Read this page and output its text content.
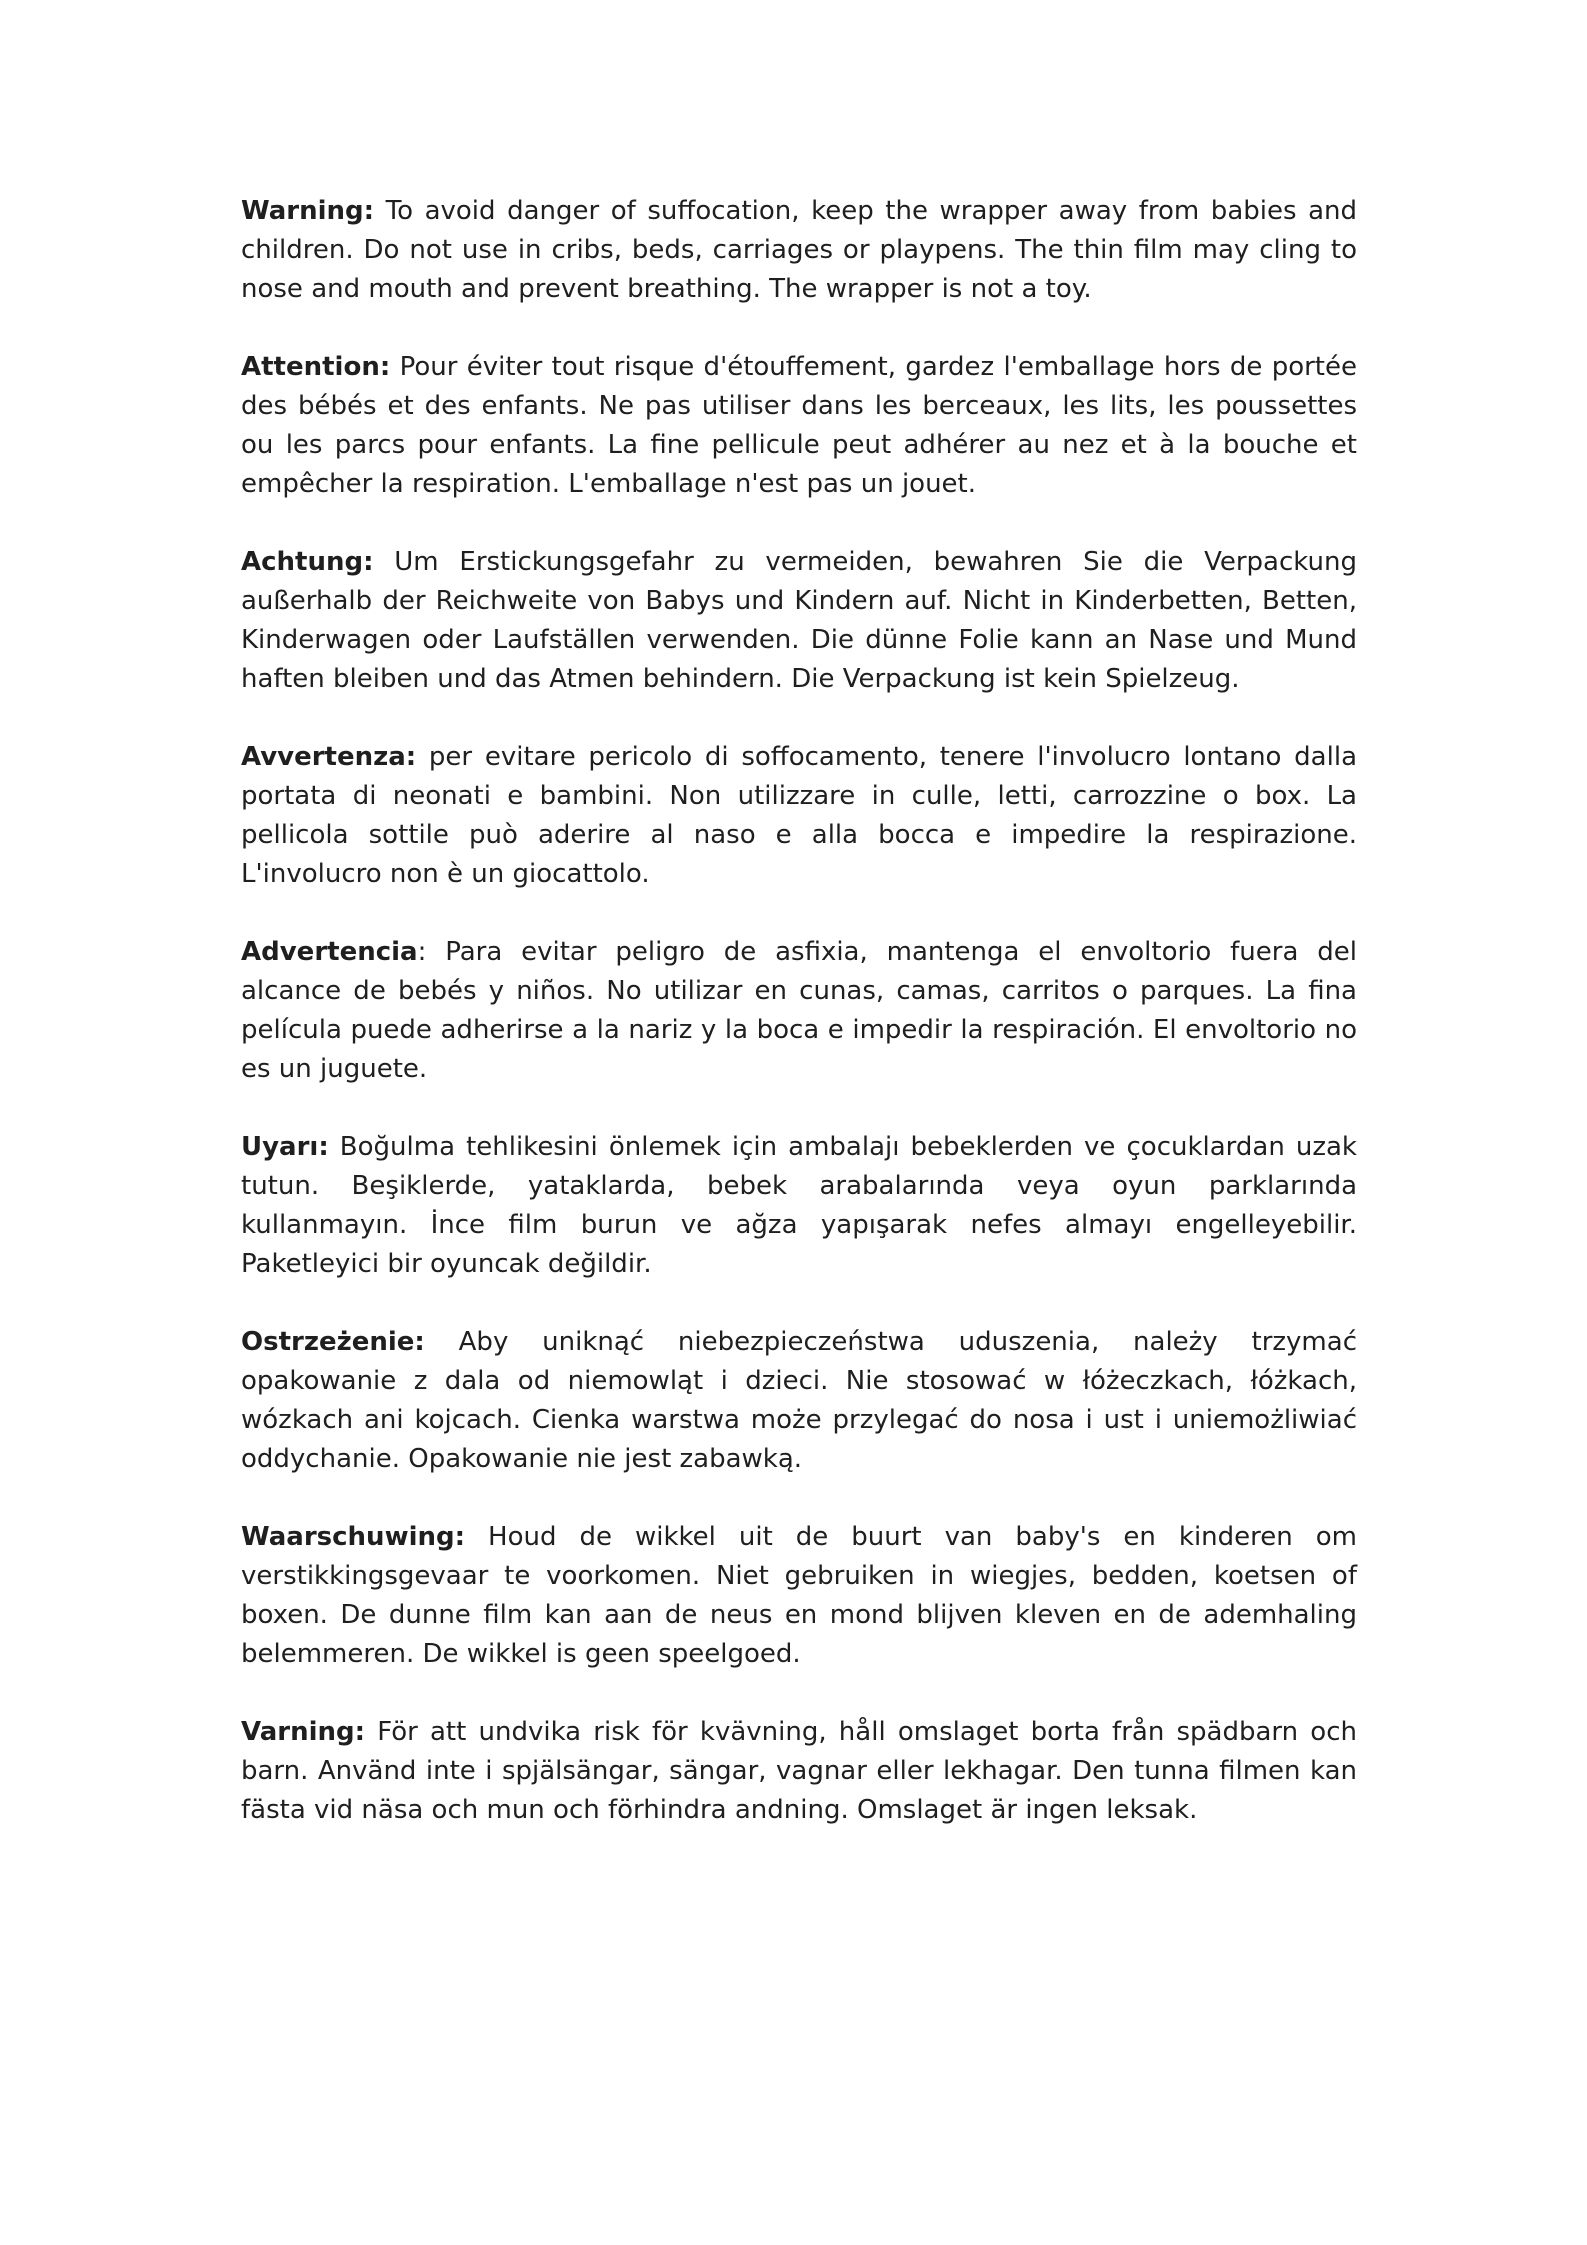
Warning: To avoid danger of suffocation, keep the wrapper away from babies and children. Do not use in cribs, beds, carriages or playpens. The thin film may cling to nose and mouth and prevent breathing. The wrapper is not a toy.

Attention: Pour éviter tout risque d'étouffement, gardez l'emballage hors de portée des bébés et des enfants. Ne pas utiliser dans les berceaux, les lits, les poussettes ou les parcs pour enfants. La fine pellicule peut adhérer au nez et à la bouche et empêcher la respiration. L'emballage n'est pas un jouet.

Achtung: Um Erstickungsgefahr zu vermeiden, bewahren Sie die Verpackung außerhalb der Reichweite von Babys und Kindern auf. Nicht in Kinderbetten, Betten, Kinderwagen oder Laufställen verwenden. Die dünne Folie kann an Nase und Mund haften bleiben und das Atmen behindern. Die Verpackung ist kein Spielzeug.

Avvertenza: per evitare pericolo di soffocamento, tenere l'involucro lontano dalla portata di neonati e bambini. Non utilizzare in culle, letti, carrozzine o box. La pellicola sottile può aderire al naso e alla bocca e impedire la respirazione. L'involucro non è un giocattolo.

Advertencia: Para evitar peligro de asfixia, mantenga el envoltorio fuera del alcance de bebés y niños. No utilizar en cunas, camas, carritos o parques. La fina película puede adherirse a la nariz y la boca e impedir la respiración. El envoltorio no es un juguete.

Uyarı: Boğulma tehlikesini önlemek için ambalajı bebeklerden ve çocuklardan uzak tutun. Beşiklerde, yataklarda, bebek arabalarında veya oyun parklarında kullanmayın. İnce film burun ve ağza yapışarak nefes almayı engelleyebilir. Paketleyici bir oyuncak değildir.

Ostrzeżenie: Aby uniknąć niebezpieczeństwa uduszenia, należy trzymać opakowanie z dala od niemowląt i dzieci. Nie stosować w łóżeczkach, łóżkach, wózkach ani kojcach. Cienka warstwa może przylegać do nosa i ust i uniemożliwiać oddychanie. Opakowanie nie jest zabawką.

Waarschuwing: Houd de wikkel uit de buurt van baby's en kinderen om verstikkingsgevaar te voorkomen. Niet gebruiken in wiegjes, bedden, koetsen of boxen. De dunne film kan aan de neus en mond blijven kleven en de ademhaling belemmeren. De wikkel is geen speelgoed.

Varning: För att undvika risk för kvävning, håll omslaget borta från spädbarn och barn. Använd inte i spjälsängar, sängar, vagnar eller lekhagar. Den tunna filmen kan fästa vid näsa och mun och förhindra andning. Omslaget är ingen leksak.
